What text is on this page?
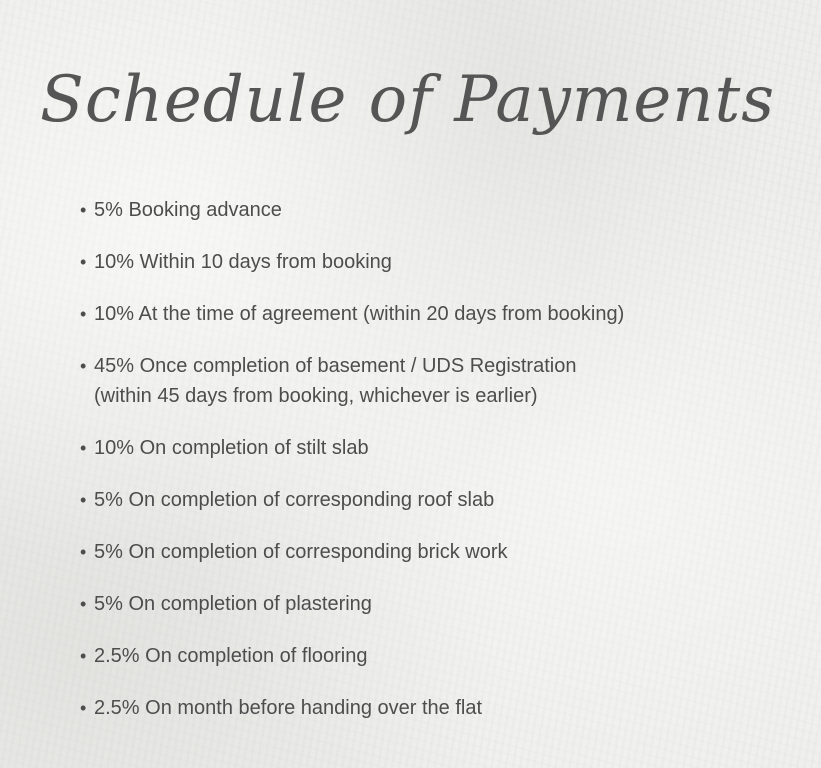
Schedule of Payments
• 5% Booking advance
• 10% Within 10 days from booking
• 10% At the time of agreement (within 20 days from booking)
• 45% Once completion of basement / UDS Registration
(within 45 days from booking, whichever is earlier)
• 10% On completion of stilt slab
• 5% On completion of corresponding roof slab
• 5% On completion of corresponding brick work
• 5% On completion of plastering
• 2.5% On completion of flooring
• 2.5% On month before handing over the flat
